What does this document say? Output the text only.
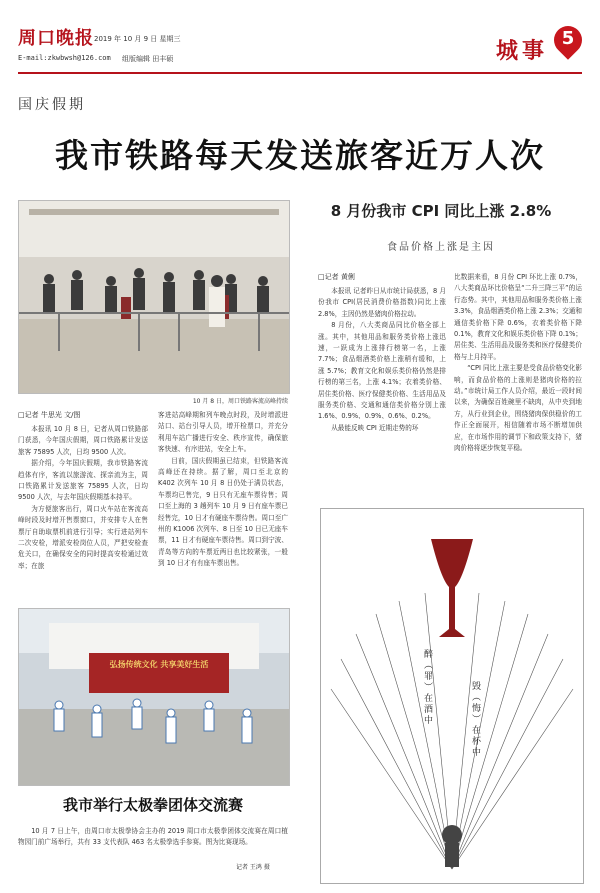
周口晚报 2019 年 10 月 9 日 星期三
E-mail:zkwbwsh@126.com 组版编辑 田丰硕	城事 5
国庆假期
我市铁路每天发送旅客近万人次
10 月 8 日，周口铁路客流高峰持续
□记者 牛思光 文/图

本报讯 10 月 8 日，记者从周口铁路部门获悉，今年国庆假期，周口铁路累计发送旅客 75895 人次，日均 9500 人次。

据介绍，今年国庆假期，我市铁路客流趋体有序，客流以旅游流、探亲流为主，周口铁路累计发送旅客 75895 人次，日均 9500 人次，与去年国庆假期基本持平。

为方便旅客出行，周口火车站在客流高峰时段及时增开售票窗口，并安排专人在售票厅自助取票机前进行引导；实行进站列车二次安检，增派安检岗位人员，严把安检查危关口，在确保安全的同时提高安检通过效率；在旅

客进站高峰期和列车晚点时段，及时增派进站口、站台引导人员，增开检票口，并充分利用车站广播进行安全、秩序宣传，确保旅客快速、有序进站，安全上车。

目前，国庆假期虽已结束，但铁路客流高峰还在持续。据了解，周口至北京的 K402 次列车 10 月 8 日仍处于满员状态，车票均已售完，9 日只有无座车票待售；周口至上海的 3 趟列车 10 月 9 日有座车票已经售完，10 日才有硬座车票待售。周口至广州的 K1006 次列车、8 日至 10 日已无座车票，11 日才有硬座车票待售。周口到宁波、青岛等方向的车票近两日也比较紧张，一般到 10 日才有有座车票出售。

8 月份我市 CPI 同比上涨 2.8%
食品价格上涨是主因
□记者 黄俐

本报讯 记者昨日从市统计局获悉，8 月份我市 CPI(居民消费价格指数)同比上涨 2.8%，主因仍然是猪肉价格拉动。

8 月份，八大类商品同比价格全部上涨。其中，其他用品和服务类价格上涨迅速，一跃成为上涨排行榜第一名，上涨 7.7%；食品烟酒类价格上涨稍有缓和，上涨 5.7%；教育文化和娱乐类价格仍然是排行榜的第三名，上涨 4.1%；衣着类价格、居住类价格、医疗保健类价格、生活用品及服务类价格、交通和通信类价格分别上涨 1.6%、0.9%、0.9%、0.6%、0.2%。

从最能反映 CPI 近期走势的环

比数据来看，8 月份 CPI 环比上涨 0.7%，八大类商品环比价格呈“二升三降三平”的运行态势。其中，其他用品和服务类价格上涨 3.3%，食品烟酒类价格上涨 2.3%；交通和通信类价格下降 0.6%，衣着类价格下降 0.1%，教育文化和娱乐类价格下降 0.1%；居住类、生活用品及服务类和医疗保健类价格与上月持平。

“CPI 同比上涨主要是受食品价格变化影响，而食品价格的上涨则是猪肉价格的拉动。”市统计局工作人员介绍，最近一段时间以来，为确保百姓碗里不缺肉，从中央到地方，从行业到企业，围绕猪肉保供稳价的工作正全面展开，相信随着市场不断增加供应，在市场作用的调节下和政策支持下，猪肉价格将逐步恢复平稳。

弘扬传统文化 共享美好生活
我市举行太极拳团体交流赛

10 月 7 日上午，由周口市太极拳协会主办的 2019 周口市太极拳团体交流赛在周口植物园门前广场举行，共有 33 支代表队 463 名太极拳选手参赛。图为比赛现场。

记者 王鸿 摄
醉（罪）在酒中	毁（悔）在杯中
